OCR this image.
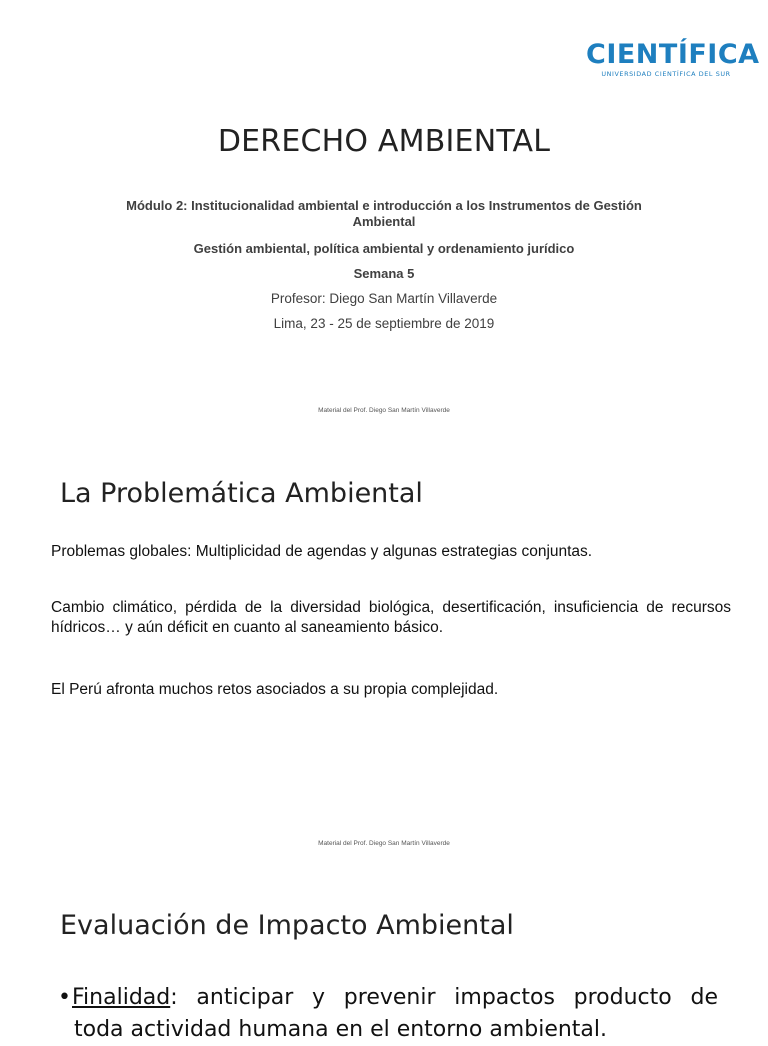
CIENTÍFICA
UNIVERSIDAD CIENTÍFICA DEL SUR
DERECHO AMBIENTAL
Módulo 2: Institucionalidad ambiental e introducción a los Instrumentos de Gestión Ambiental
Gestión ambiental, política ambiental y ordenamiento jurídico
Semana 5
Profesor: Diego San Martín Villaverde
Lima, 23 - 25 de septiembre de 2019
Material del Prof. Diego San Martín Villaverde
La Problemática Ambiental
Problemas globales: Multiplicidad de agendas y algunas estrategias conjuntas.
Cambio climático, pérdida de la diversidad biológica, desertificación, insuficiencia de recursos hídricos… y aún déficit en cuanto al saneamiento básico.
El Perú afronta muchos retos asociados a su propia complejidad.
Material del Prof. Diego San Martín Villaverde
Evaluación de Impacto Ambiental
•Finalidad: anticipar y prevenir impactos producto de
toda actividad humana en el entorno ambiental.
